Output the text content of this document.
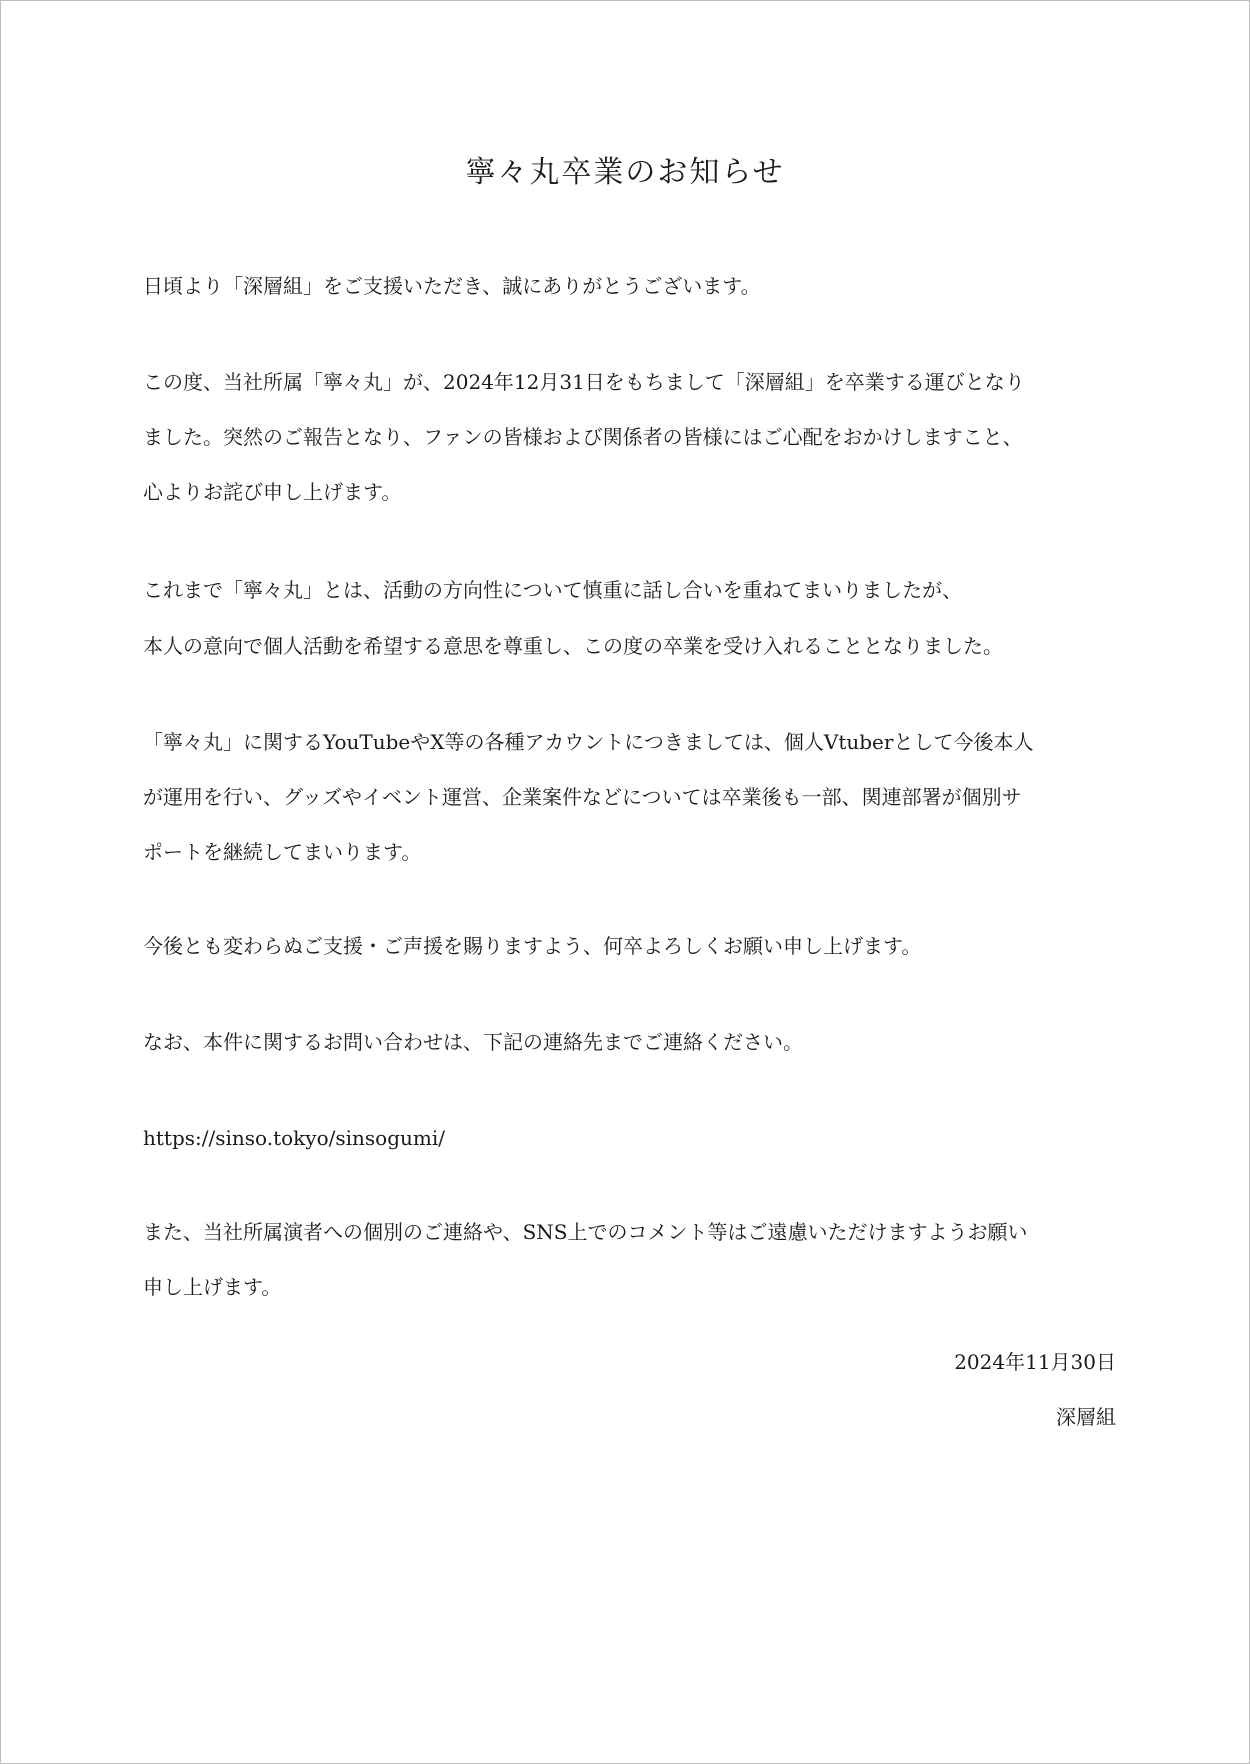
寧々丸卒業のお知らせ

日頃より「深層組」をご支援いただき、誠にありがとうございます。

この度、当社所属「寧々丸」が、2024年12月31日をもちまして「深層組」を卒業する運びとなり
ました。突然のご報告となり、ファンの皆様および関係者の皆様にはご心配をおかけしますこと、
心よりお詫び申し上げます。

これまで「寧々丸」とは、活動の方向性について慎重に話し合いを重ねてまいりましたが、
本人の意向で個人活動を希望する意思を尊重し、この度の卒業を受け入れることとなりました。

「寧々丸」に関するYouTubeやX等の各種アカウントにつきましては、個人Vtuberとして今後本人
が運用を行い、グッズやイベント運営、企業案件などについては卒業後も一部、関連部署が個別サ
ポートを継続してまいります。

今後とも変わらぬご支援・ご声援を賜りますよう、何卒よろしくお願い申し上げます。

なお、本件に関するお問い合わせは、下記の連絡先までご連絡ください。

https://sinso.tokyo/sinsogumi/

また、当社所属演者への個別のご連絡や、SNS上でのコメント等はご遠慮いただけますようお願い
申し上げます。

2024年11月30日
深層組
